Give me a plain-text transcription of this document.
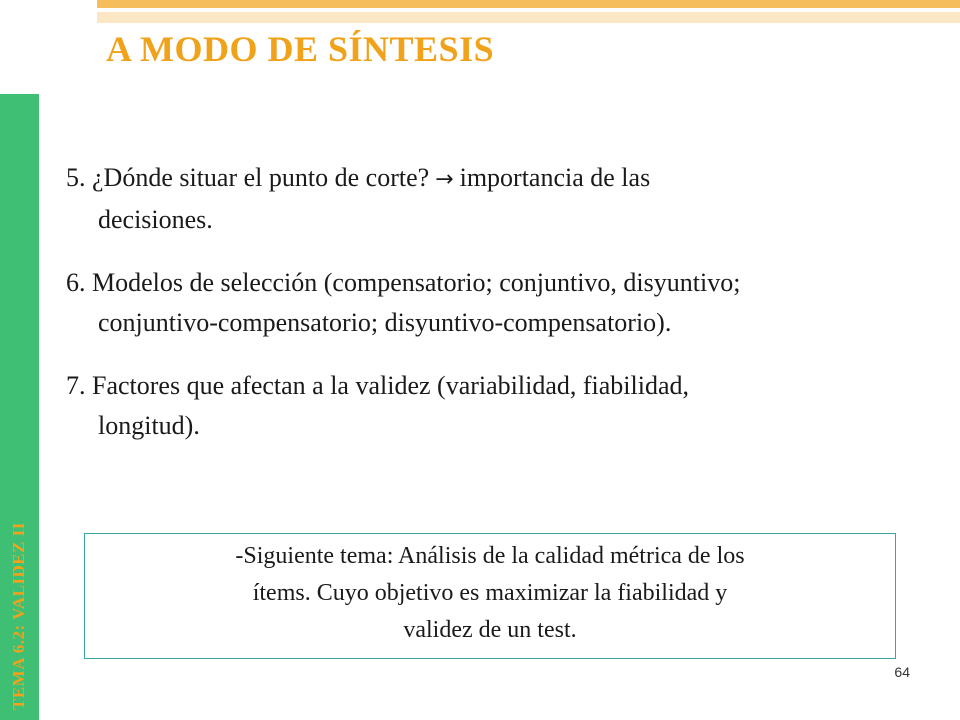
A MODO DE SÍNTESIS
TEMA 6.2: VALIDEZ II
5. ¿Dónde situar el punto de corte? → importancia de las
decisiones.
6. Modelos de selección (compensatorio; conjuntivo, disyuntivo;
conjuntivo-compensatorio; disyuntivo-compensatorio).
7. Factores que afectan a la validez (variabilidad, fiabilidad,
longitud).
-Siguiente tema: Análisis de la calidad métrica de los
ítems. Cuyo objetivo es maximizar la fiabilidad y
validez de un test.
64
